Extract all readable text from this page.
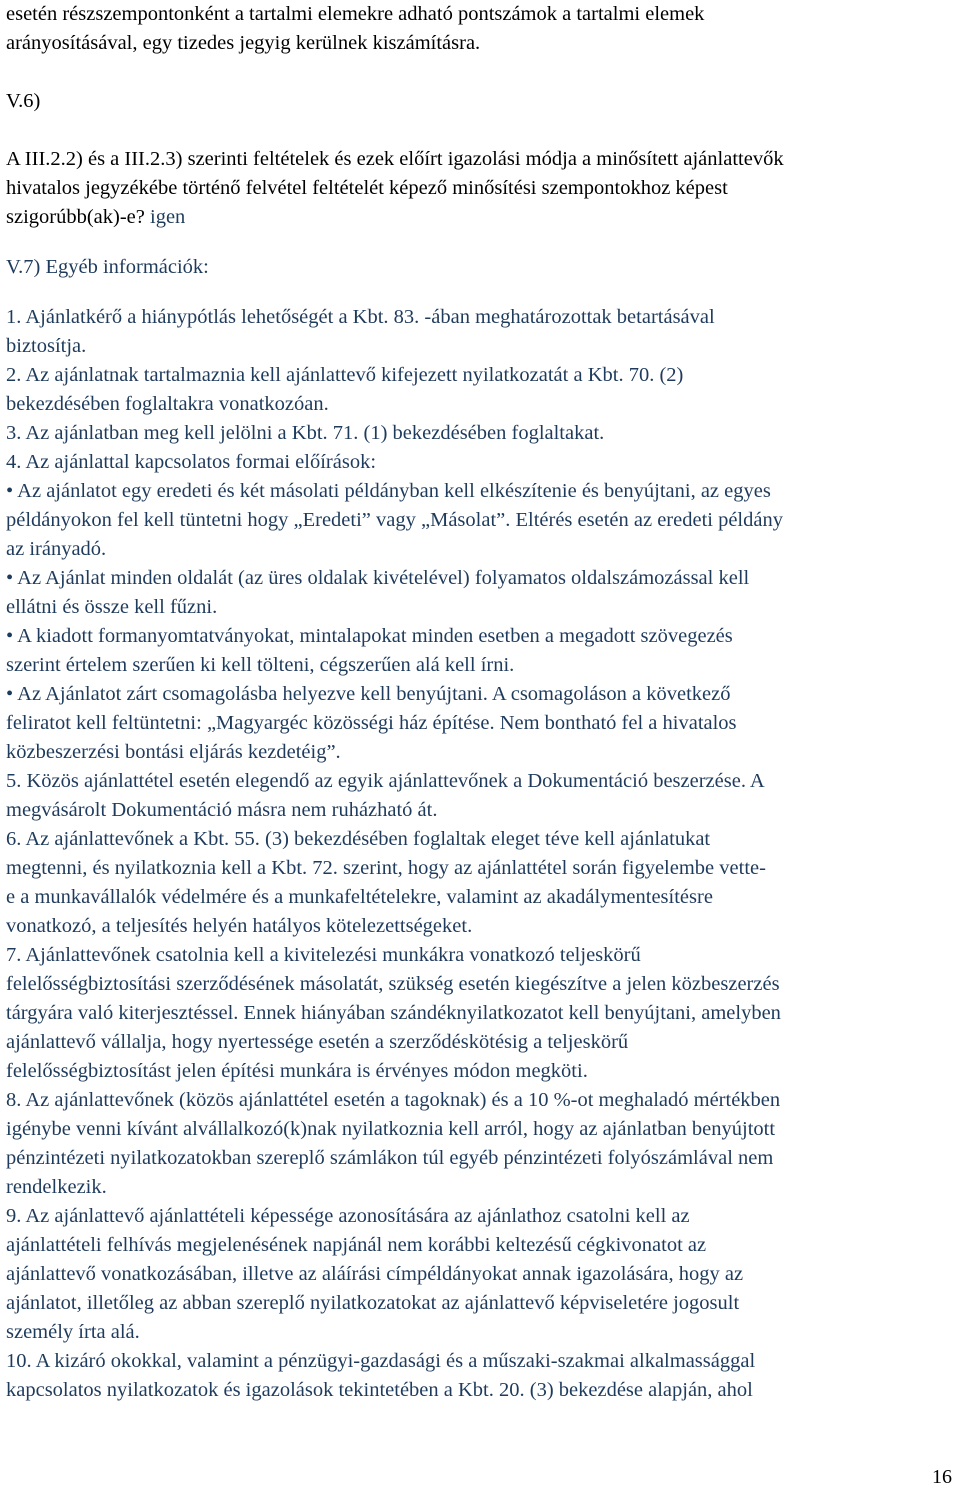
esetén részszempontonként a tartalmi elemekre adható pontszámok a tartalmi elemek
arányosításával, egy tizedes jegyig kerülnek kiszámításra.
V.6)
A III.2.2) és a III.2.3) szerinti feltételek és ezek előírt igazolási módja a minősített ajánlattevők
hivatalos jegyzékébe történő felvétel feltételét képező minősítési szempontokhoz képest
szigorúbb(ak)-e? igen
V.7) Egyéb információk:
1. Ajánlatkérő a hiánypótlás lehetőségét a Kbt. 83. -ában meghatározottak betartásával
biztosítja.
2. Az ajánlatnak tartalmaznia kell ajánlattevő kifejezett nyilatkozatát a Kbt. 70. (2)
bekezdésében foglaltakra vonatkozóan.
3. Az ajánlatban meg kell jelölni a Kbt. 71. (1) bekezdésében foglaltakat.
4. Az ajánlattal kapcsolatos formai előírások:
• Az ajánlatot egy eredeti és két másolati példányban kell elkészítenie és benyújtani, az egyes
példányokon fel kell tüntetni hogy „Eredeti” vagy „Másolat”. Eltérés esetén az eredeti példány
az irányadó.
• Az Ajánlat minden oldalát (az üres oldalak kivételével) folyamatos oldalszámozással kell
ellátni és össze kell fűzni.
• A kiadott formanyomtatványokat, mintalapokat minden esetben a megadott szövegezés
szerint értelem szerűen ki kell tölteni, cégszerűen alá kell írni.
• Az Ajánlatot zárt csomagolásba helyezve kell benyújtani. A csomagoláson a következő
feliratot kell feltüntetni: „Magyargéc közösségi ház építése. Nem bontható fel a hivatalos
közbeszerzési bontási eljárás kezdetéig”.
5. Közös ajánlattétel esetén elegendő az egyik ajánlattevőnek a Dokumentáció beszerzése. A
megvásárolt Dokumentáció másra nem ruházható át.
6. Az ajánlattevőnek a Kbt. 55. (3) bekezdésében foglaltak eleget téve kell ajánlatukat
megtenni, és nyilatkoznia kell a Kbt. 72. szerint, hogy az ajánlattétel során figyelembe vette-
e a munkavállalók védelmére és a munkafeltételekre, valamint az akadálymentesítésre
vonatkozó, a teljesítés helyén hatályos kötelezettségeket.
7. Ajánlattevőnek csatolnia kell a kivitelezési munkákra vonatkozó teljeskörű
felelősségbiztosítási szerződésének másolatát, szükség esetén kiegészítve a jelen közbeszerzés
tárgyára való kiterjesztéssel. Ennek hiányában szándéknyilatkozatot kell benyújtani, amelyben
ajánlattevő vállalja, hogy nyertessége esetén a szerződéskötésig a teljeskörű
felelősségbiztosítást jelen építési munkára is érvényes módon megköti.
8. Az ajánlattevőnek (közös ajánlattétel esetén a tagoknak) és a 10 %-ot meghaladó mértékben
igénybe venni kívánt alvállalkozó(k)nak nyilatkoznia kell arról, hogy az ajánlatban benyújtott
pénzintézeti nyilatkozatokban szereplő számlákon túl egyéb pénzintézeti folyószámlával nem
rendelkezik.
9. Az ajánlattevő ajánlattételi képessége azonosítására az ajánlathoz csatolni kell az
ajánlattételi felhívás megjelenésének napjánál nem korábbi keltezésű cégkivonatot az
ajánlattevő vonatkozásában, illetve az aláírási címpéldányokat annak igazolására, hogy az
ajánlatot, illetőleg az abban szereplő nyilatkozatokat az ajánlattevő képviseletére jogosult
személy írta alá.
10. A kizáró okokkal, valamint a pénzügyi-gazdasági és a műszaki-szakmai alkalmassággal
kapcsolatos nyilatkozatok és igazolások tekintetében a Kbt. 20. (3) bekezdése alapján, ahol
16
